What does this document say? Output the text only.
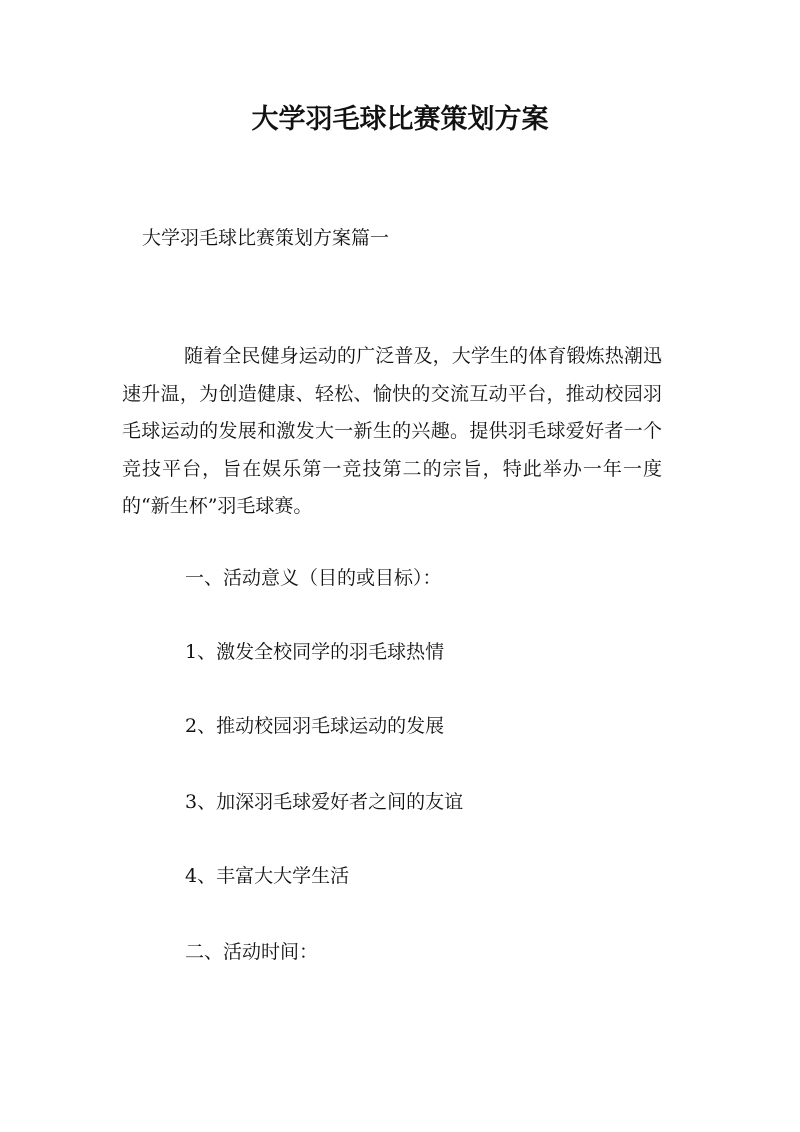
大学羽毛球比赛策划方案

大学羽毛球比赛策划方案篇一

随着全民健身运动的广泛普及，大学生的体育锻炼热潮迅速升温，为创造健康、轻松、愉快的交流互动平台，推动校园羽毛球运动的发展和激发大一新生的兴趣。提供羽毛球爱好者一个竞技平台，旨在娱乐第一竞技第二的宗旨，特此举办一年一度的“新生杯”羽毛球赛。

一、活动意义（目的或目标）：

1、激发全校同学的羽毛球热情

2、推动校园羽毛球运动的发展

3、加深羽毛球爱好者之间的友谊

4、丰富大大学生活

二、活动时间：
